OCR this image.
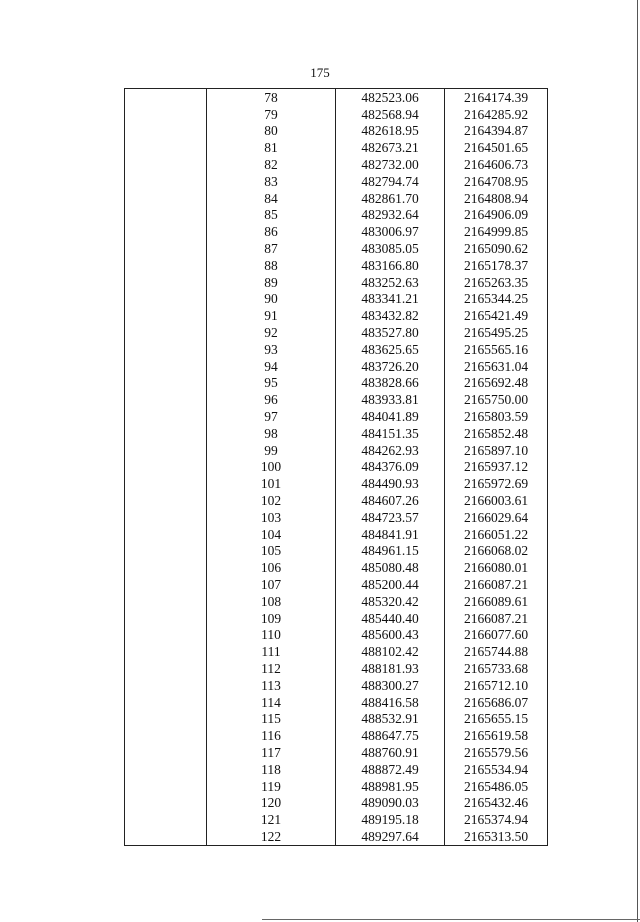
175
	78	482523.06	2164174.39
	79	482568.94	2164285.92
	80	482618.95	2164394.87
	81	482673.21	2164501.65
	82	482732.00	2164606.73
	83	482794.74	2164708.95
	84	482861.70	2164808.94
	85	482932.64	2164906.09
	86	483006.97	2164999.85
	87	483085.05	2165090.62
	88	483166.80	2165178.37
	89	483252.63	2165263.35
	90	483341.21	2165344.25
	91	483432.82	2165421.49
	92	483527.80	2165495.25
	93	483625.65	2165565.16
	94	483726.20	2165631.04
	95	483828.66	2165692.48
	96	483933.81	2165750.00
	97	484041.89	2165803.59
	98	484151.35	2165852.48
	99	484262.93	2165897.10
	100	484376.09	2165937.12
	101	484490.93	2165972.69
	102	484607.26	2166003.61
	103	484723.57	2166029.64
	104	484841.91	2166051.22
	105	484961.15	2166068.02
	106	485080.48	2166080.01
	107	485200.44	2166087.21
	108	485320.42	2166089.61
	109	485440.40	2166087.21
	110	485600.43	2166077.60
	111	488102.42	2165744.88
	112	488181.93	2165733.68
	113	488300.27	2165712.10
	114	488416.58	2165686.07
	115	488532.91	2165655.15
	116	488647.75	2165619.58
	117	488760.91	2165579.56
	118	488872.49	2165534.94
	119	488981.95	2165486.05
	120	489090.03	2165432.46
	121	489195.18	2165374.94
	122	489297.64	2165313.50
